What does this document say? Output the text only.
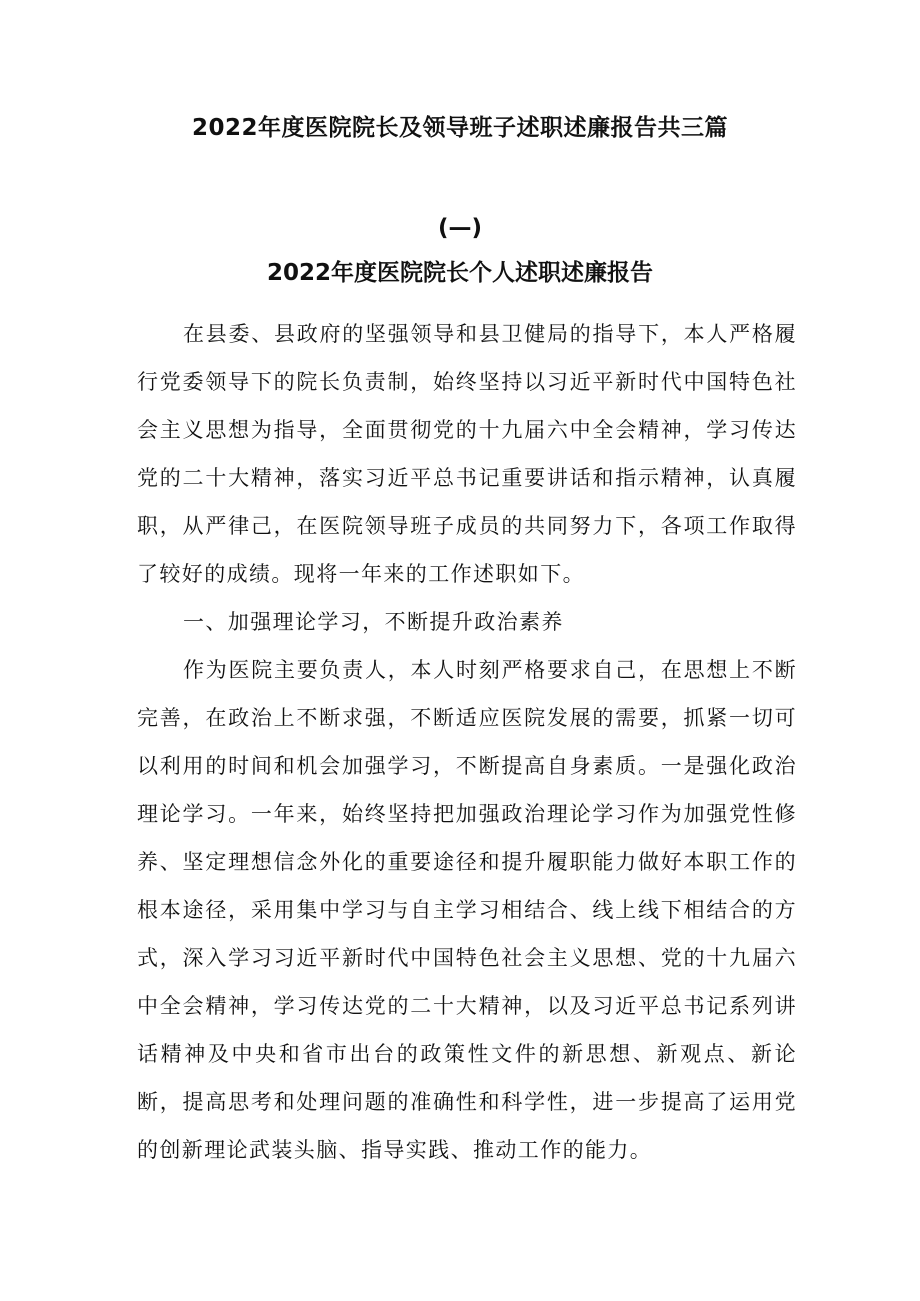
2022年度医院院长及领导班子述职述廉报告共三篇
(—)
2022年度医院院长个人述职述廉报告

在县委、县政府的坚强领导和县卫健局的指导下，本人严格履行党委领导下的院长负责制，始终坚持以习近平新时代中国特色社会主义思想为指导，全面贯彻党的十九届六中全会精神，学习传达党的二十大精神，落实习近平总书记重要讲话和指示精神，认真履职，从严律己，在医院领导班子成员的共同努力下，各项工作取得了较好的成绩。现将一年来的工作述职如下。

一、加强理论学习，不断提升政治素养

作为医院主要负责人，本人时刻严格要求自己，在思想上不断完善，在政治上不断求强，不断适应医院发展的需要，抓紧一切可以利用的时间和机会加强学习，不断提高自身素质。一是强化政治理论学习。一年来，始终坚持把加强政治理论学习作为加强党性修养、坚定理想信念外化的重要途径和提升履职能力做好本职工作的根本途径，采用集中学习与自主学习相结合、线上线下相结合的方式，深入学习习近平新时代中国特色社会主义思想、党的十九届六中全会精神，学习传达党的二十大精神，以及习近平总书记系列讲话精神及中央和省市出台的政策性文件的新思想、新观点、新论断，提高思考和处理问题的准确性和科学性，进一步提高了运用党的创新理论武装头脑、指导实践、推动工作的能力。
